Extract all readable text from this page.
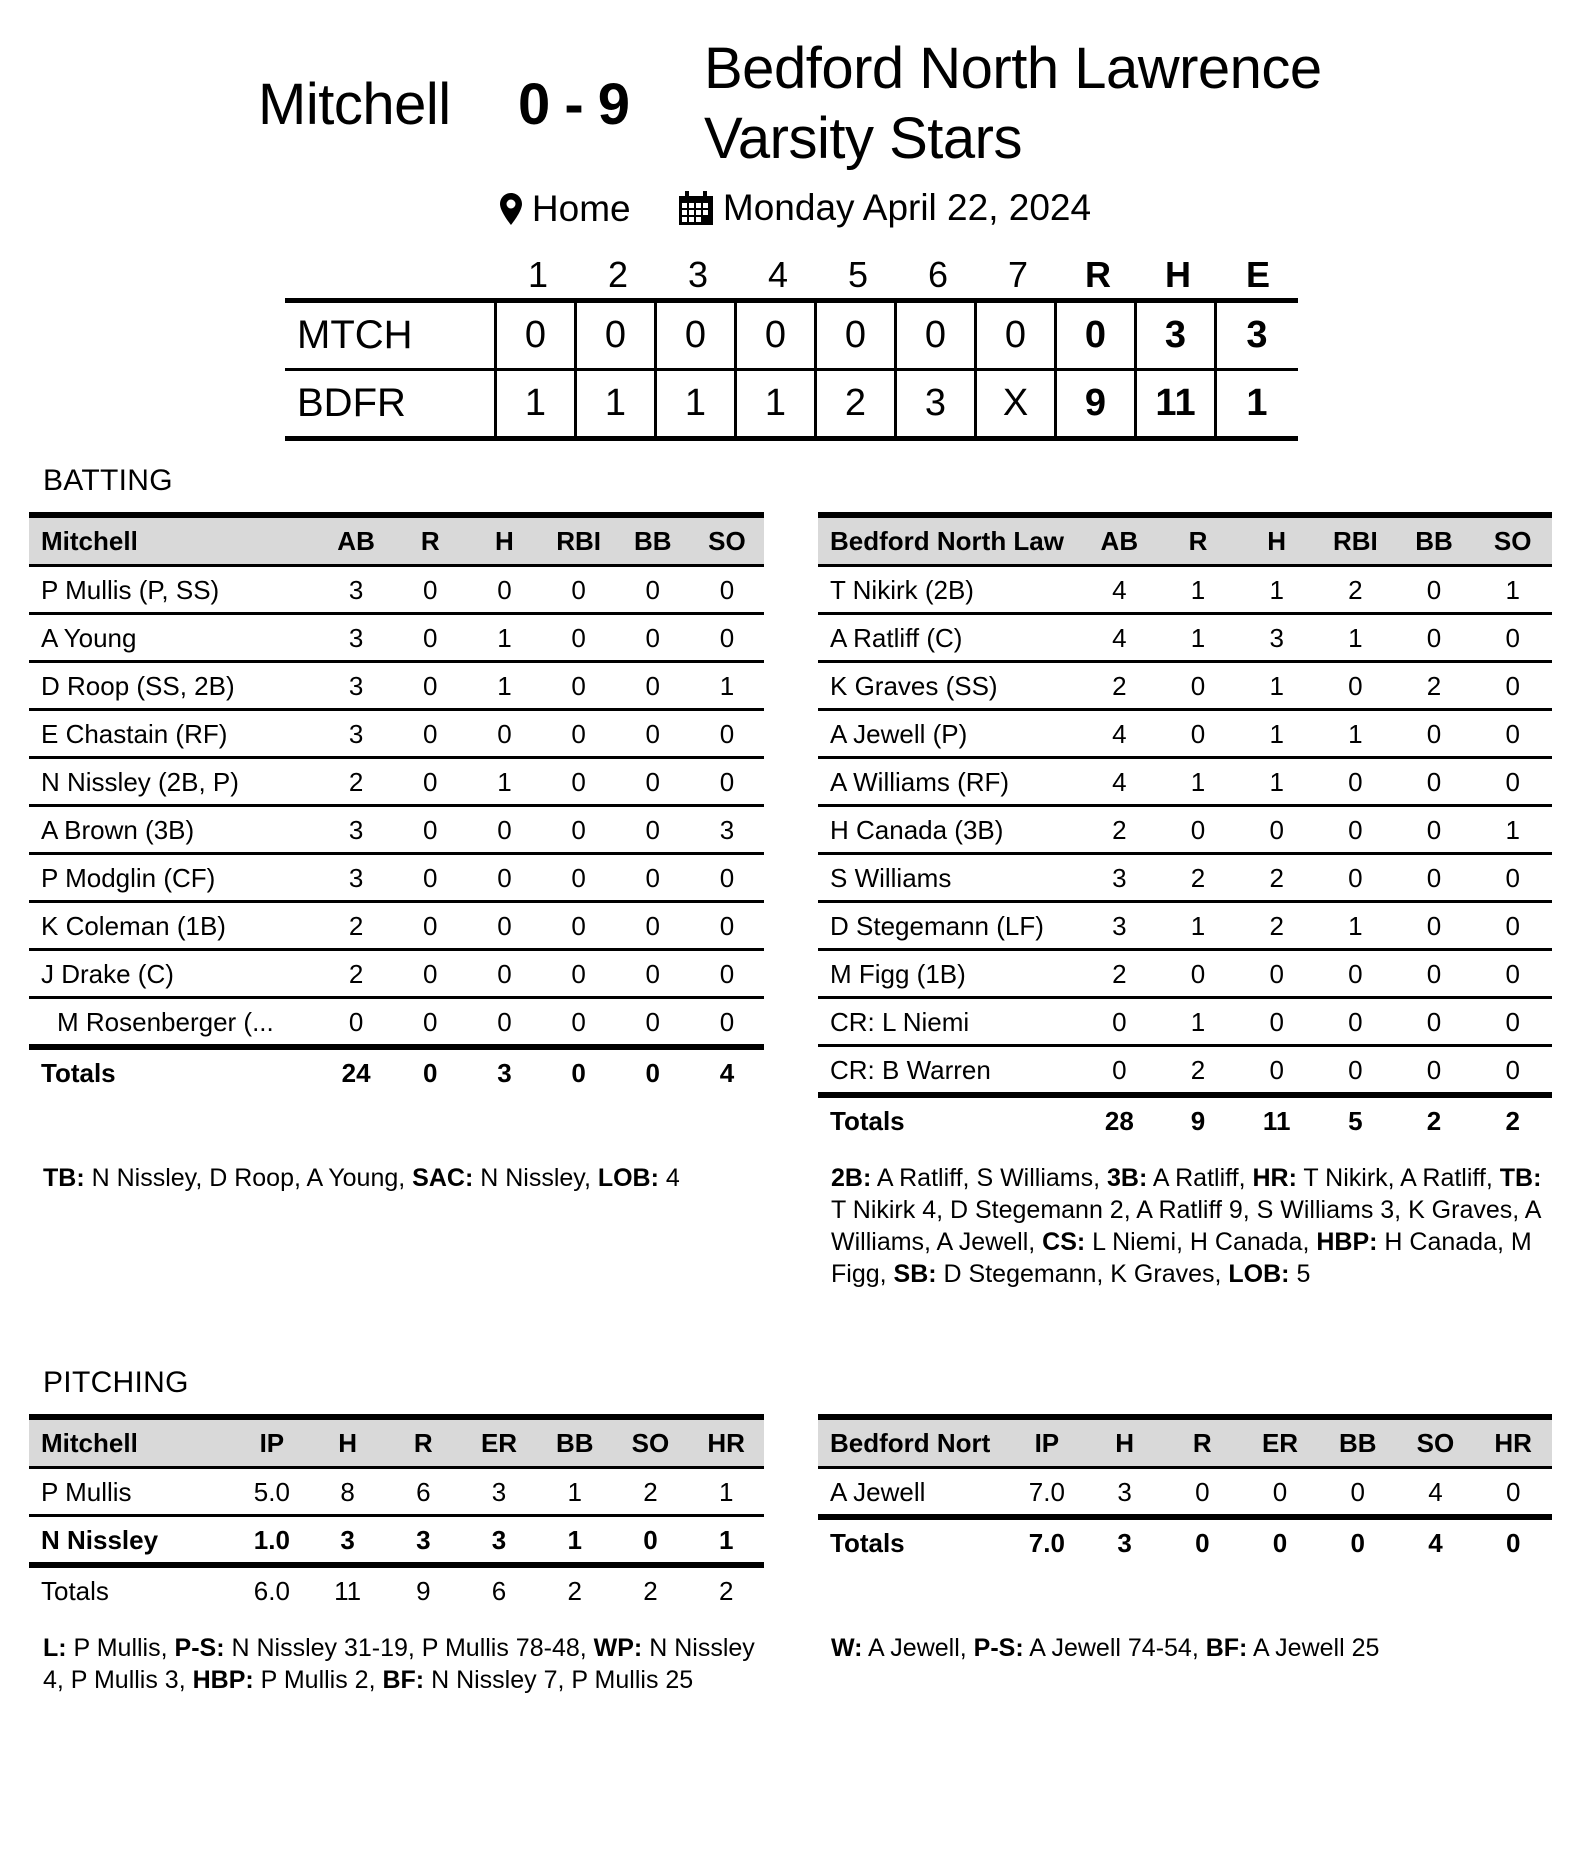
Mitchell 0 - 9
Bedford North Lawrence
Varsity Stars
Home
Monday April 22, 2024
1	2	3	4	5	6	7	R	H	E
MTCH	0	0	0	0	0	0	0	0	3	3
BDFR	1	1	1	1	2	3	X	9	11	1
BATTING
Mitchell	AB	R	H	RBI	BB	SO
P Mullis (P, SS)	3	0	0	0	0	0
A Young	3	0	1	0	0	0
D Roop (SS, 2B)	3	0	1	0	0	1
E Chastain (RF)	3	0	0	0	0	0
N Nissley (2B, P)	2	0	1	0	0	0
A Brown (3B)	3	0	0	0	0	3
P Modglin (CF)	3	0	0	0	0	0
K Coleman (1B)	2	0	0	0	0	0
J Drake (C)	2	0	0	0	0	0
M Rosenberger (...	0	0	0	0	0	0
Totals	24	0	3	0	0	4
TB: N Nissley, D Roop, A Young, SAC: N Nissley, LOB: 4
Bedford North Law	AB	R	H	RBI	BB	SO
T Nikirk (2B)	4	1	1	2	0	1
A Ratliff (C)	4	1	3	1	0	0
K Graves (SS)	2	0	1	0	2	0
A Jewell (P)	4	0	1	1	0	0
A Williams (RF)	4	1	1	0	0	0
H Canada (3B)	2	0	0	0	0	1
S Williams	3	2	2	0	0	0
D Stegemann (LF)	3	1	2	1	0	0
M Figg (1B)	2	0	0	0	0	0
CR: L Niemi	0	1	0	0	0	0
CR: B Warren	0	2	0	0	0	0
Totals	28	9	11	5	2	2
2B: A Ratliff, S Williams, 3B: A Ratliff, HR: T Nikirk, A Ratliff, TB: T Nikirk 4, D Stegemann 2, A Ratliff 9, S Williams 3, K Graves, A Williams, A Jewell, CS: L Niemi, H Canada, HBP: H Canada, M Figg, SB: D Stegemann, K Graves, LOB: 5
PITCHING
Mitchell	IP	H	R	ER	BB	SO	HR
P Mullis	5.0	8	6	3	1	2	1
N Nissley	1.0	3	3	3	1	0	1
Totals	6.0	11	9	6	2	2	2
L: P Mullis, P-S: N Nissley 31-19, P Mullis 78-48, WP: N Nissley 4, P Mullis 3, HBP: P Mullis 2, BF: N Nissley 7, P Mullis 25
Bedford Nort	IP	H	R	ER	BB	SO	HR
A Jewell	7.0	3	0	0	0	4	0
Totals	7.0	3	0	0	0	4	0
W: A Jewell, P-S: A Jewell 74-54, BF: A Jewell 25
